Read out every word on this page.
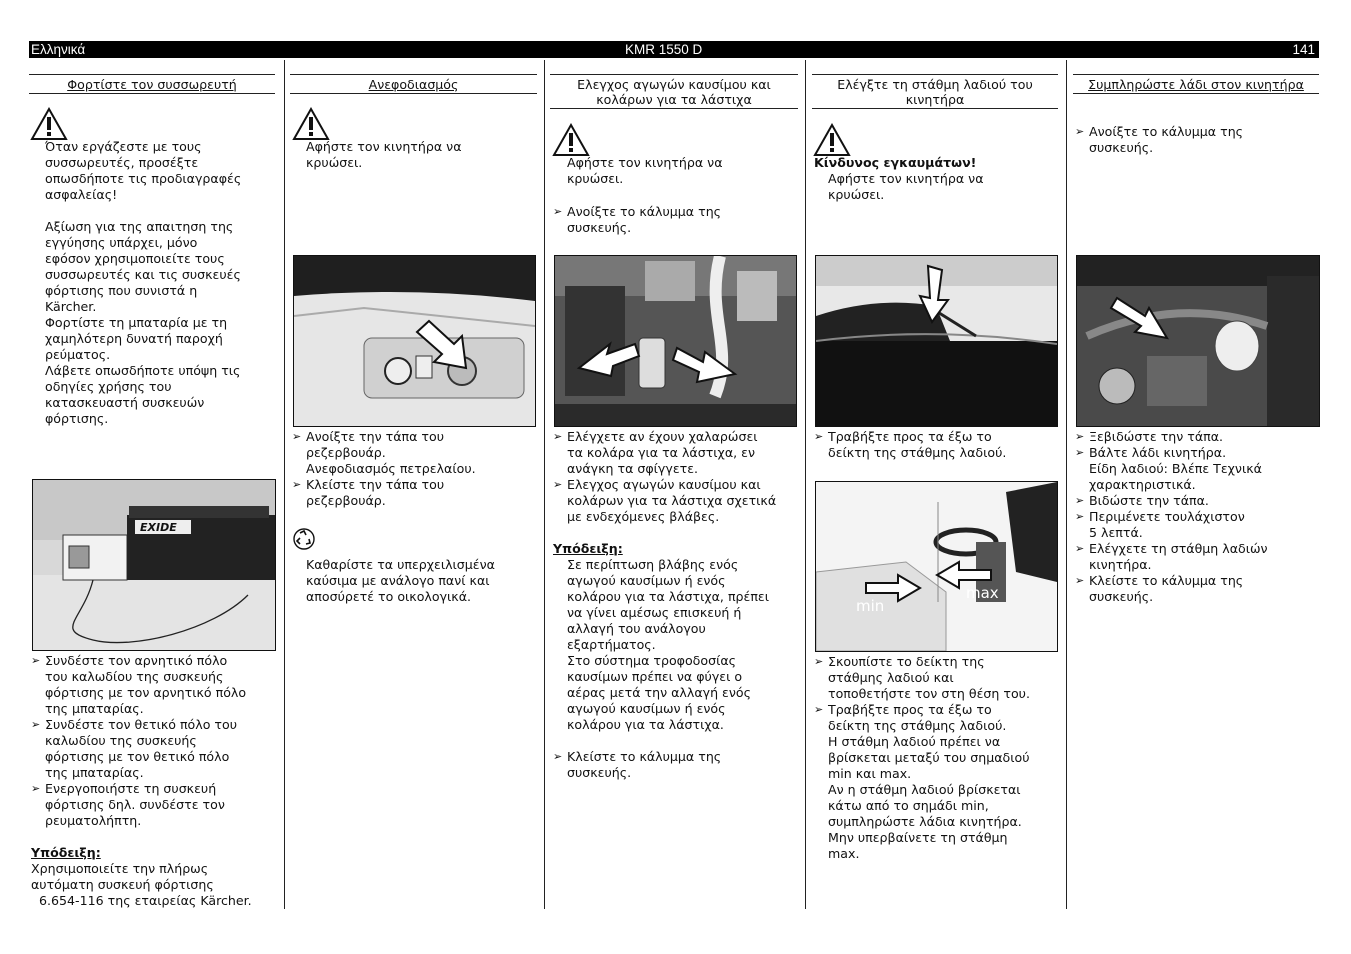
Ελληνικά	KMR 1550 D	141
Φορτίστε τον συσσωρευτή
Όταν εργάζεστε με τους
συσσωρευτές, προσέξτε
οπωσδήποτε τις προδιαγραφές
ασφαλείας!
Αξίωση για της απαιτηση της
εγγύησης υπάρχει, μόνο
εφόσον χρησιμοποιείτε τους
συσσωρευτές και τις συσκευές
φόρτισης που συνιστά η
Kärcher.
Φορτίστε τη μπαταρία με τη
χαμηλότερη δυνατή παροχή
ρεύματος.
Λάβετε οπωσδήποτε υπόψη τις
οδηγίες χρήσης του
κατασκευαστή συσκευών
φόρτισης.
EXIDE
➢ Συνδέστε τον αρνητικό πόλο
του καλωδίου της συσκευής
φόρτισης με τον αρνητικό πόλο
της μπαταρίας.
➢ Συνδέστε τον θετικό πόλο του
καλωδίου της συσκευής
φόρτισης με τον θετικό πόλο
της μπαταρίας.
➢ Ενεργοποιήστε τη συσκευή
φόρτισης δηλ. συνδέστε τον
ρευματολήπτη.
Υπόδειξη:
Χρησιμοποιείτε την πλήρως
αυτόματη συσκευή φόρτισης
6.654-116 της εταιρείας Kärcher.
Ανεφοδιασμός
Αφήστε τον κινητήρα να
κρυώσει.
➢ Ανοίξτε την τάπα του
ρεζερβουάρ.
Ανεφοδιασμός πετρελαίου.
➢ Κλείστε την τάπα του
ρεζερβουάρ.
Καθαρίστε τα υπερχειλισμένα
καύσιμα με ανάλογο πανί και
αποσύρετέ το οικολογικά.
Ελεγχος αγωγών καυσίμου και
κολάρων για τα λάστιχα
Αφήστε τον κινητήρα να
κρυώσει.
➢ Ανοίξτε το κάλυμμα της
συσκευής.
➢ Ελέγχετε αν έχουν χαλαρώσει
τα κολάρα για τα λάστιχα, εν
ανάγκη τα σφίγγετε.
➢ Ελεγχος αγωγών καυσίμου και
κολάρων για τα λάστιχα σχετικά
με ενδεχόμενες βλάβες.
Υπόδειξη:
Σε περίπτωση βλάβης ενός
αγωγού καυσίμων ή ενός
κολάρου για τα λάστιχα, πρέπει
να γίνει αμέσως επισκευή ή
αλλαγή του ανάλογου
εξαρτήματος.
Στο σύστημα τροφοδοσίας
καυσίμων πρέπει να φύγει ο
αέρας μετά την αλλαγή ενός
αγωγού καυσίμων ή ενός
κολάρου για τα λάστιχα.
➢ Κλείστε το κάλυμμα της
συσκευής.
Ελέγξτε τη στάθμη λαδιού του
κινητήρα
Κίνδυνος εγκαυμάτων!
Αφήστε τον κινητήρα να
κρυώσει.
➢ Τραβήξτε προς τα έξω το
δείκτη της στάθμης λαδιού.
min
max
➢ Σκουπίστε το δείκτη της
στάθμης λαδιού και
τοποθετήστε τον στη θέση του.
➢ Τραβήξτε προς τα έξω το
δείκτη της στάθμης λαδιού.
Η στάθμη λαδιού πρέπει να
βρίσκεται μεταξύ του σημαδιού
min και max.
Αν η στάθμη λαδιού βρίσκεται
κάτω από το σημάδι min,
συμπληρώστε λάδια κινητήρα.
Μην υπερβαίνετε τη στάθμη
max.
Συμπληρώστε λάδι στον κινητήρα
➢ Ανοίξτε το κάλυμμα της
συσκευής.
➢ Ξεβιδώστε την τάπα.
➢ Βάλτε λάδι κινητήρα.
Είδη λαδιού: Βλέπε Τεχνικά
χαρακτηριστικά.
➢ Βιδώστε την τάπα.
➢ Περιμένετε τουλάχιστον
5 λεπτά.
➢ Ελέγχετε τη στάθμη λαδιών
κινητήρα.
➢ Κλείστε το κάλυμμα της
συσκευής.
